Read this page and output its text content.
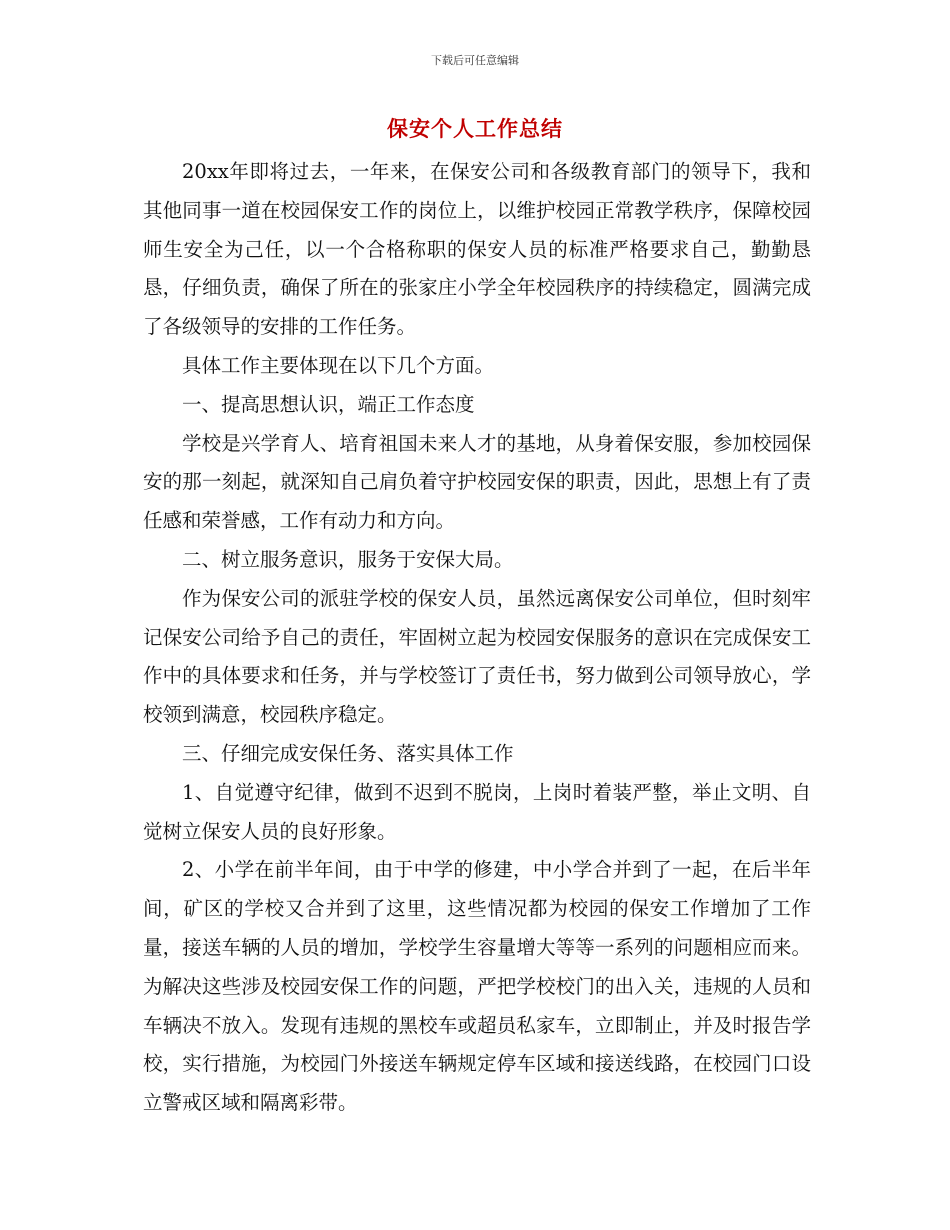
下载后可任意编辑
保安个人工作总结

20xx年即将过去，一年来，在保安公司和各级教育部门的领导下，我和其他同事一道在校园保安工作的岗位上，以维护校园正常教学秩序，保障校园师生安全为己任，以一个合格称职的保安人员的标准严格要求自己，勤勤恳恳，仔细负责，确保了所在的张家庄小学全年校园秩序的持续稳定，圆满完成了各级领导的安排的工作任务。

具体工作主要体现在以下几个方面。

一、提高思想认识，端正工作态度

学校是兴学育人、培育祖国未来人才的基地，从身着保安服，参加校园保安的那一刻起，就深知自己肩负着守护校园安保的职责，因此，思想上有了责任感和荣誉感，工作有动力和方向。

二、树立服务意识，服务于安保大局。

作为保安公司的派驻学校的保安人员，虽然远离保安公司单位，但时刻牢记保安公司给予自己的责任，牢固树立起为校园安保服务的意识在完成保安工作中的具体要求和任务，并与学校签订了责任书，努力做到公司领导放心，学校领到满意，校园秩序稳定。

三、仔细完成安保任务、落实具体工作

1、自觉遵守纪律，做到不迟到不脱岗，上岗时着装严整，举止文明、自觉树立保安人员的良好形象。

2、小学在前半年间，由于中学的修建，中小学合并到了一起，在后半年间，矿区的学校又合并到了这里，这些情况都为校园的保安工作增加了工作量，接送车辆的人员的增加，学校学生容量增大等等一系列的问题相应而来。为解决这些涉及校园安保工作的问题，严把学校校门的出入关，违规的人员和车辆决不放入。发现有违规的黑校车或超员私家车，立即制止，并及时报告学校，实行措施，为校园门外接送车辆规定停车区域和接送线路，在校园门口设立警戒区域和隔离彩带。
